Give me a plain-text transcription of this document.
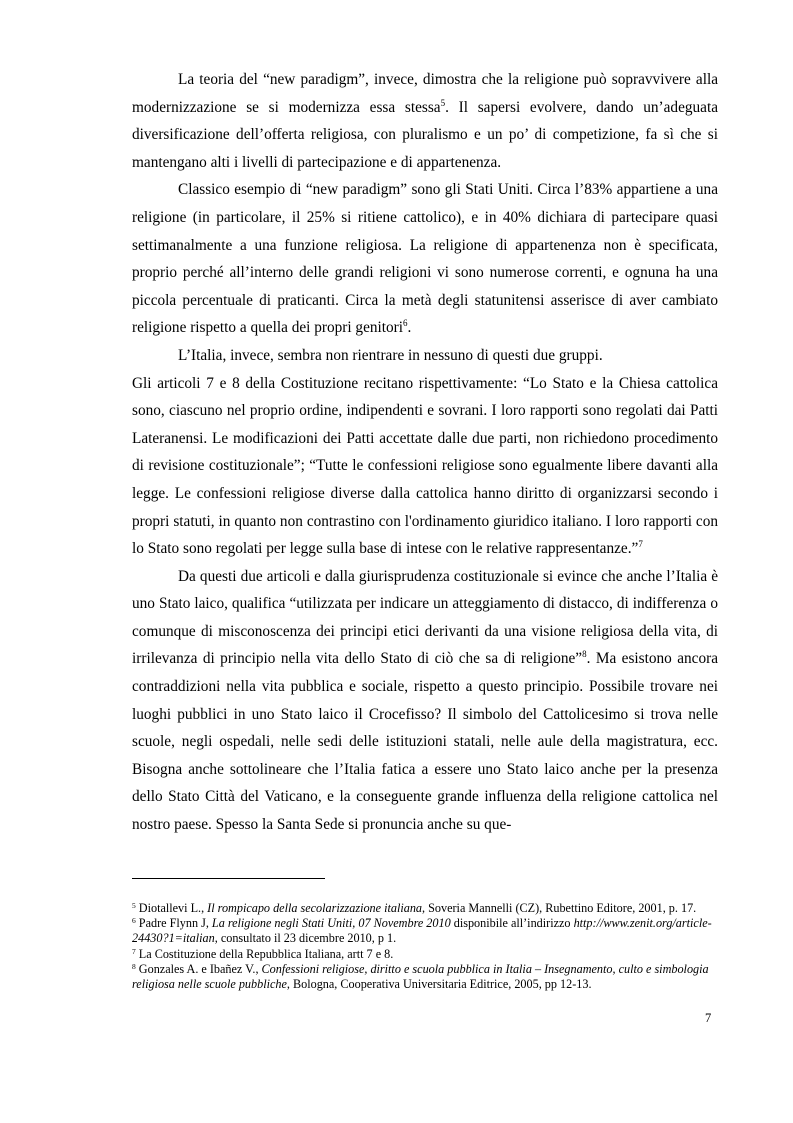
La teoria del “new paradigm”, invece, dimostra che la religione può sopravvivere alla modernizzazione se si modernizza essa stessa$^5$. Il sapersi evolvere, dando un’adeguata diversificazione dell’offerta religiosa, con pluralismo e un po’ di competizione, fa sì che si mantengano alti i livelli di partecipazione e di appartenenza.

Classico esempio di “new paradigm” sono gli Stati Uniti. Circa l’83% appartiene a una religione (in particolare, il 25% si ritiene cattolico), e in 40% dichiara di partecipare quasi settimanalmente a una funzione religiosa. La religione di appartenenza non è specificata, proprio perché all’interno delle grandi religioni vi sono numerose correnti, e ognuna ha una piccola percentuale di praticanti. Circa la metà degli statunitensi asserisce di aver cambiato religione rispetto a quella dei propri genitori$^6$.

L’Italia, invece, sembra non rientrare in nessuno di questi due gruppi.

Gli articoli 7 e 8 della Costituzione recitano rispettivamente: “Lo Stato e la Chiesa cattolica sono, ciascuno nel proprio ordine, indipendenti e sovrani. I loro rapporti sono regolati dai Patti Lateranensi. Le modificazioni dei Patti accettate dalle due parti, non richiedono procedimento di revisione costituzionale”; “Tutte le confessioni religiose sono egualmente libere davanti alla legge. Le confessioni religiose diverse dalla cattolica hanno diritto di organizzarsi secondo i propri statuti, in quanto non contrastino con l'ordinamento giuridico italiano. I loro rapporti con lo Stato sono regolati per legge sulla base di intese con le relative rappresentanze.”$^7$

Da questi due articoli e dalla giurisprudenza costituzionale si evince che anche l’Italia è uno Stato laico, qualifica “utilizzata per indicare un atteggiamento di distacco, di indifferenza o comunque di misconoscenza dei principi etici derivanti da una visione religiosa della vita, di irrilevanza di principio nella vita dello Stato di ciò che sa di religione”$^8$. Ma esistono ancora contraddizioni nella vita pubblica e sociale, rispetto a questo principio. Possibile trovare nei luoghi pubblici in uno Stato laico il Crocefisso? Il simbolo del Cattolicesimo si trova nelle scuole, negli ospedali, nelle sedi delle istituzioni statali, nelle aule della magistratura, ecc. Bisogna anche sottolineare che l’Italia fatica a essere uno Stato laico anche per la presenza dello Stato Città del Vaticano, e la conseguente grande influenza della religione cattolica nel nostro paese. Spesso la Santa Sede si pronuncia anche su que-

$^5$ Diotallevi L., Il rompicapo della secolarizzazione italiana, Soveria Mannelli (CZ), Rubettino Editore, 2001, p. 17.

$^6$ Padre Flynn J, La religione negli Stati Uniti, 07 Novembre 2010 disponibile all’indirizzo http://www.zenit.org/article-24430?1=italian, consultato il 23 dicembre 2010, p 1.

$^7$ La Costituzione della Repubblica Italiana, artt 7 e 8.

$^8$ Gonzales A. e Ibañez V., Confessioni religiose, diritto e scuola pubblica in Italia – Insegnamento, culto e simbologia religiosa nelle scuole pubbliche, Bologna, Cooperativa Universitaria Editrice, 2005, pp 12-13.

7
